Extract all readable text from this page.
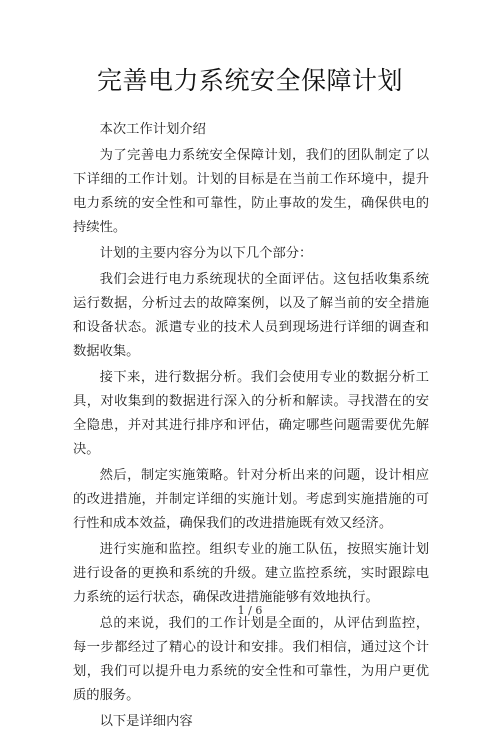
完善电力系统安全保障计划

本次工作计划介绍

为了完善电力系统安全保障计划，我们的团队制定了以下详细的工作计划。计划的目标是在当前工作环境中，提升电力系统的安全性和可靠性，防止事故的发生，确保供电的持续性。

计划的主要内容分为以下几个部分：

我们会进行电力系统现状的全面评估。这包括收集系统运行数据，分析过去的故障案例，以及了解当前的安全措施和设备状态。派遣专业的技术人员到现场进行详细的调查和数据收集。

接下来，进行数据分析。我们会使用专业的数据分析工具，对收集到的数据进行深入的分析和解读。寻找潜在的安全隐患，并对其进行排序和评估，确定哪些问题需要优先解决。

然后，制定实施策略。针对分析出来的问题，设计相应的改进措施，并制定详细的实施计划。考虑到实施措施的可行性和成本效益，确保我们的改进措施既有效又经济。

进行实施和监控。组织专业的施工队伍，按照实施计划进行设备的更换和系统的升级。建立监控系统，实时跟踪电力系统的运行状态，确保改进措施能够有效地执行。

总的来说，我们的工作计划是全面的，从评估到监控，每一步都经过了精心的设计和安排。我们相信，通过这个计划，我们可以提升电力系统的安全性和可靠性，为用户更优质的服务。

以下是详细内容

1 / 6
